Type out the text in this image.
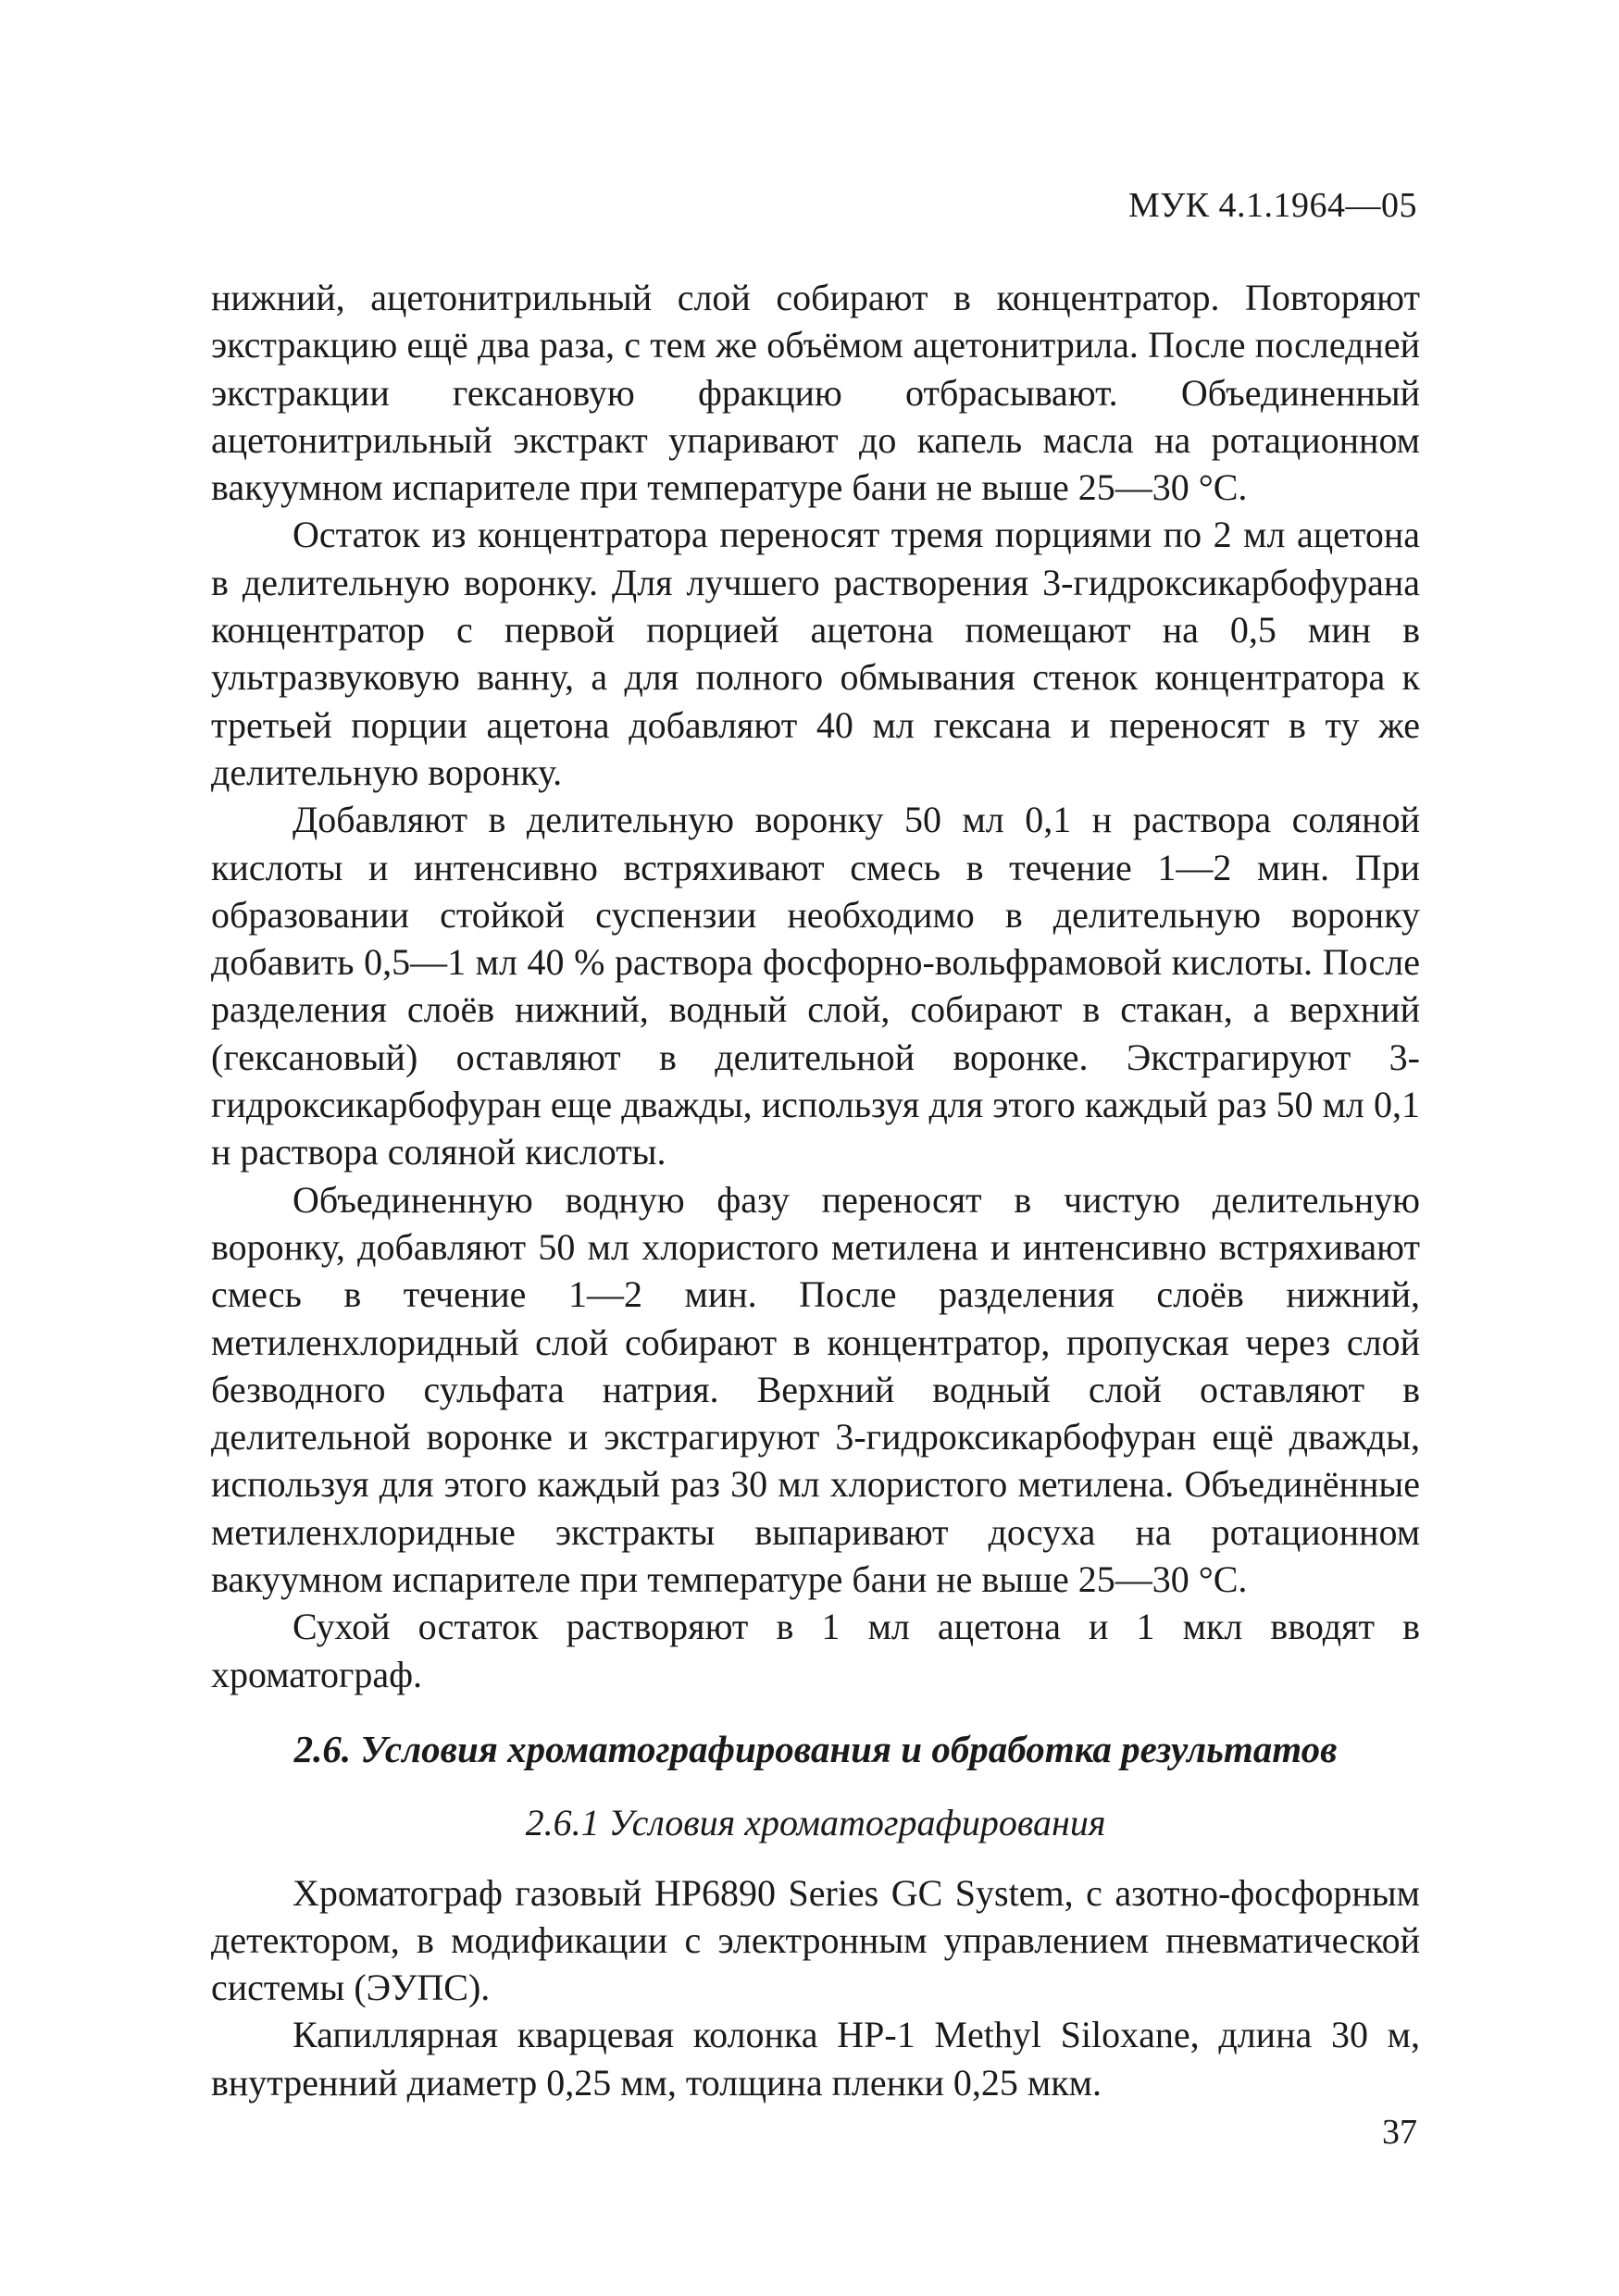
МУК 4.1.1964—05

нижний, ацетонитрильный слой собирают в концентратор. Повторяют экстракцию ещё два раза, с тем же объёмом ацетонитрила. После последней экстракции гексановую фракцию отбрасывают. Объединенный ацетонитрильный экстракт упаривают до капель масла на ротационном вакуумном испарителе при температуре бани не выше 25—30 °С.

Остаток из концентратора переносят тремя порциями по 2 мл ацетона в делительную воронку. Для лучшего растворения 3-гидроксикарбофурана концентратор с первой порцией ацетона помещают на 0,5 мин в ультразвуковую ванну, а для полного обмывания стенок концентратора к третьей порции ацетона добавляют 40 мл гексана и переносят в ту же делительную воронку.

Добавляют в делительную воронку 50 мл 0,1 н раствора соляной кислоты и интенсивно встряхивают смесь в течение 1—2 мин. При образовании стойкой суспензии необходимо в делительную воронку добавить 0,5—1 мл 40 % раствора фосфорно-вольфрамовой кислоты. После разделения слоёв нижний, водный слой, собирают в стакан, а верхний (гексановый) оставляют в делительной воронке. Экстрагируют 3-гидроксикарбофуран еще дважды, используя для этого каждый раз 50 мл 0,1 н раствора соляной кислоты.

Объединенную водную фазу переносят в чистую делительную воронку, добавляют 50 мл хлористого метилена и интенсивно встряхивают смесь в течение 1—2 мин. После разделения слоёв нижний, метиленхлоридный слой собирают в концентратор, пропуская через слой безводного сульфата натрия. Верхний водный слой оставляют в делительной воронке и экстрагируют 3-гидроксикарбофуран ещё дважды, используя для этого каждый раз 30 мл хлористого метилена. Объединённые метиленхлоридные экстракты выпаривают досуха на ротационном вакуумном испарителе при температуре бани не выше 25—30 °С.

Сухой остаток растворяют в 1 мл ацетона и 1 мкл вводят в хроматограф.

2.6. Условия хроматографирования и обработка результатов
2.6.1 Условия хроматографирования

Хроматограф газовый HP6890 Series GC System, с азотно-фосфорным детектором, в модификации с электронным управлением пневматической системы (ЭУПС).

Капиллярная кварцевая колонка HP-1 Methyl Siloxane, длина 30 м, внутренний диаметр 0,25 мм, толщина пленки 0,25 мкм.

37
